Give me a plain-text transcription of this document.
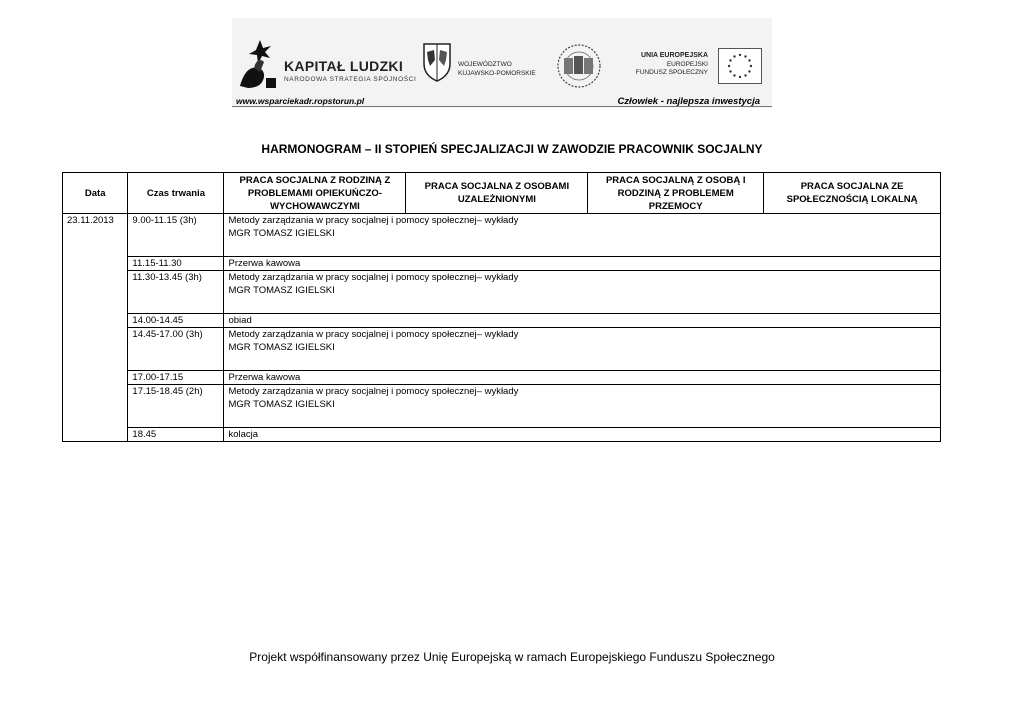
KAPITAŁ LUDZKI
NARODOWA STRATEGIA SPÓJNOŚCI
WOJEWÓDZTWO
KUJAWSKO-POMORSKIE
UNIA EUROPEJSKA
EUROPEJSKI
FUNDUSZ SPOŁECZNY
www.wsparciekadr.ropstorun.pl	Człowiek - najlepsza inwestycja
HARMONOGRAM – II STOPIEŃ SPECJALIZACJI W ZAWODZIE PRACOWNIK SOCJALNY
Data	Czas trwania	PRACA SOCJALNA Z RODZINĄ Z PROBLEMAMI OPIEKUŃCZO-WYCHOWAWCZYMI	PRACA SOCJALNA Z OSOBAMI UZALEŻNIONYMI	PRACA SOCJALNĄ Z OSOBĄ I RODZINĄ Z PROBLEMEM PRZEMOCY	PRACA SOCJALNA ZE SPOŁECZNOŚCIĄ LOKALNĄ
23.11.2013	9.00-11.15 (3h)	Metody zarządzania w pracy socjalnej i pomocy społecznej– wykłady
MGR TOMASZ IGIELSKI			

	11.15-11.30	Przerwa kawowa			
	11.30-13.45 (3h)	Metody zarządzania w pracy socjalnej i pomocy społecznej– wykłady
MGR TOMASZ IGIELSKI			

	14.00-14.45	obiad			
	14.45-17.00 (3h)	Metody zarządzania w pracy socjalnej i pomocy społecznej– wykłady
MGR TOMASZ IGIELSKI			

	17.00-17.15	Przerwa kawowa			
	17.15-18.45 (2h)	Metody zarządzania w pracy socjalnej i pomocy społecznej– wykłady
MGR TOMASZ IGIELSKI			

	18.45	kolacja			
Projekt współfinansowany przez Unię Europejską w ramach Europejskiego Funduszu Społecznego
